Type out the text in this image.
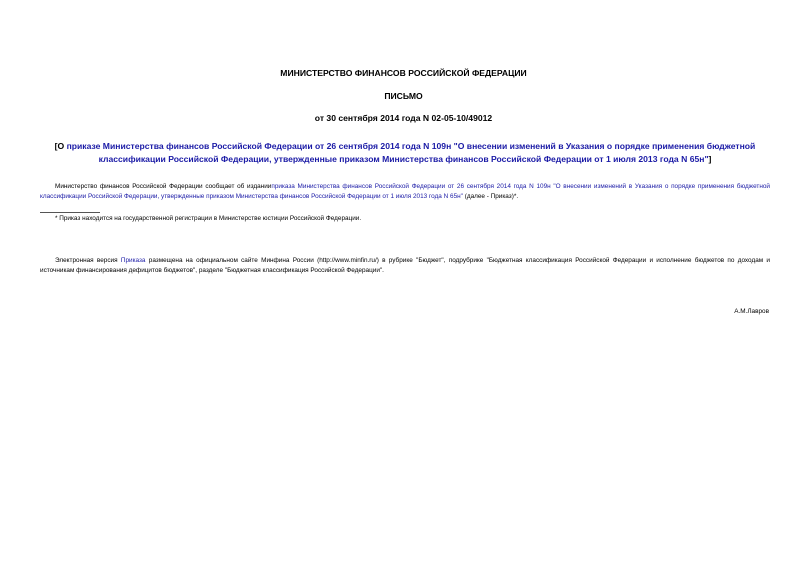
МИНИСТЕРСТВО ФИНАНСОВ РОССИЙСКОЙ ФЕДЕРАЦИИ
ПИСЬМО
от 30 сентября 2014 года N 02-05-10/49012
[О приказе Министерства финансов Российской Федерации от 26 сентября 2014 года N 109н "О внесении изменений в Указания о порядке применения бюджетной классификации Российской Федерации, утвержденные приказом Министерства финансов Российской Федерации от 1 июля 2013 года N 65н"]
Министерство финансов Российской Федерации сообщает об изданииприказа Министерства финансов Российской Федерации от 26 сентября 2014 года N 109н "О внесении изменений в Указания о порядке применения бюджетной классификации Российской Федерации, утвержденные приказом Министерства финансов Российской Федерации от 1 июля 2013 года N 65н" (далее - Приказ)*.
* Приказ находится на государственной регистрации в Министерстве юстиции Российской Федерации.
Электронная версия Приказа размещена на официальном сайте Минфина России (http://www.minfin.ru/) в рубрике "Бюджет", подрубрике "Бюджетная классификация Российской Федерации и исполнение бюджетов по доходам и источникам финансирования дефицитов бюджетов", разделе "Бюджетная классификация Российской Федерации".
А.М.Лавров
